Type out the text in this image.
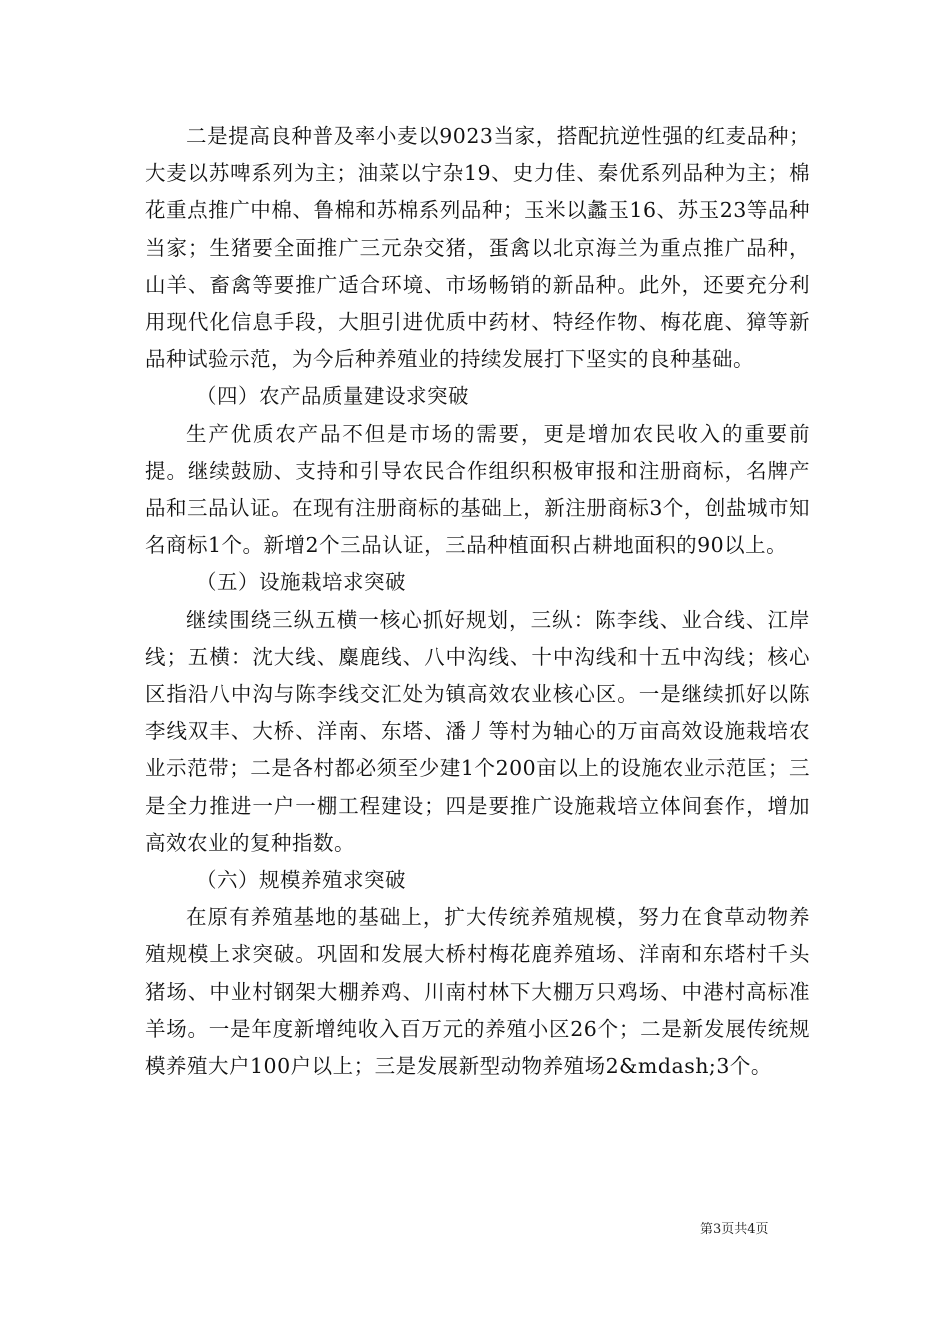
二是提高良种普及率小麦以9023当家，搭配抗逆性强的红麦品种；大麦以苏啤系列为主；油菜以宁杂19、史力佳、秦优系列品种为主；棉花重点推广中棉、鲁棉和苏棉系列品种；玉米以蠡玉16、苏玉23等品种当家；生猪要全面推广三元杂交猪，蛋禽以北京海兰为重点推广品种，山羊、畜禽等要推广适合环境、市场畅销的新品种。此外，还要充分利用现代化信息手段，大胆引进优质中药材、特经作物、梅花鹿、獐等新品种试验示范，为今后种养殖业的持续发展打下坚实的良种基础。

（四）农产品质量建设求突破

生产优质农产品不但是市场的需要，更是增加农民收入的重要前提。继续鼓励、支持和引导农民合作组织积极审报和注册商标，名牌产品和三品认证。在现有注册商标的基础上，新注册商标3个，创盐城市知名商标1个。新增2个三品认证，三品种植面积占耕地面积的90以上。

（五）设施栽培求突破

继续围绕三纵五横一核心抓好规划，三纵：陈李线、业合线、江岸线；五横：沈大线、麋鹿线、八中沟线、十中沟线和十五中沟线；核心区指沿八中沟与陈李线交汇处为镇高效农业核心区。一是继续抓好以陈李线双丰、大桥、洋南、东塔、潘丿等村为轴心的万亩高效设施栽培农业示范带；二是各村都必须至少建1个200亩以上的设施农业示范匡；三是全力推进一户一棚工程建设；四是要推广设施栽培立体间套作，增加高效农业的复种指数。

（六）规模养殖求突破

在原有养殖基地的基础上，扩大传统养殖规模，努力在食草动物养殖规模上求突破。巩固和发展大桥村梅花鹿养殖场、洋南和东塔村千头猪场、中业村钢架大棚养鸡、川南村林下大棚万只鸡场、中港村高标准羊场。一是年度新增纯收入百万元的养殖小区26个；二是新发展传统规模养殖大户100户以上；三是发展新型动物养殖场2&mdash;3个。

第3页共4页
